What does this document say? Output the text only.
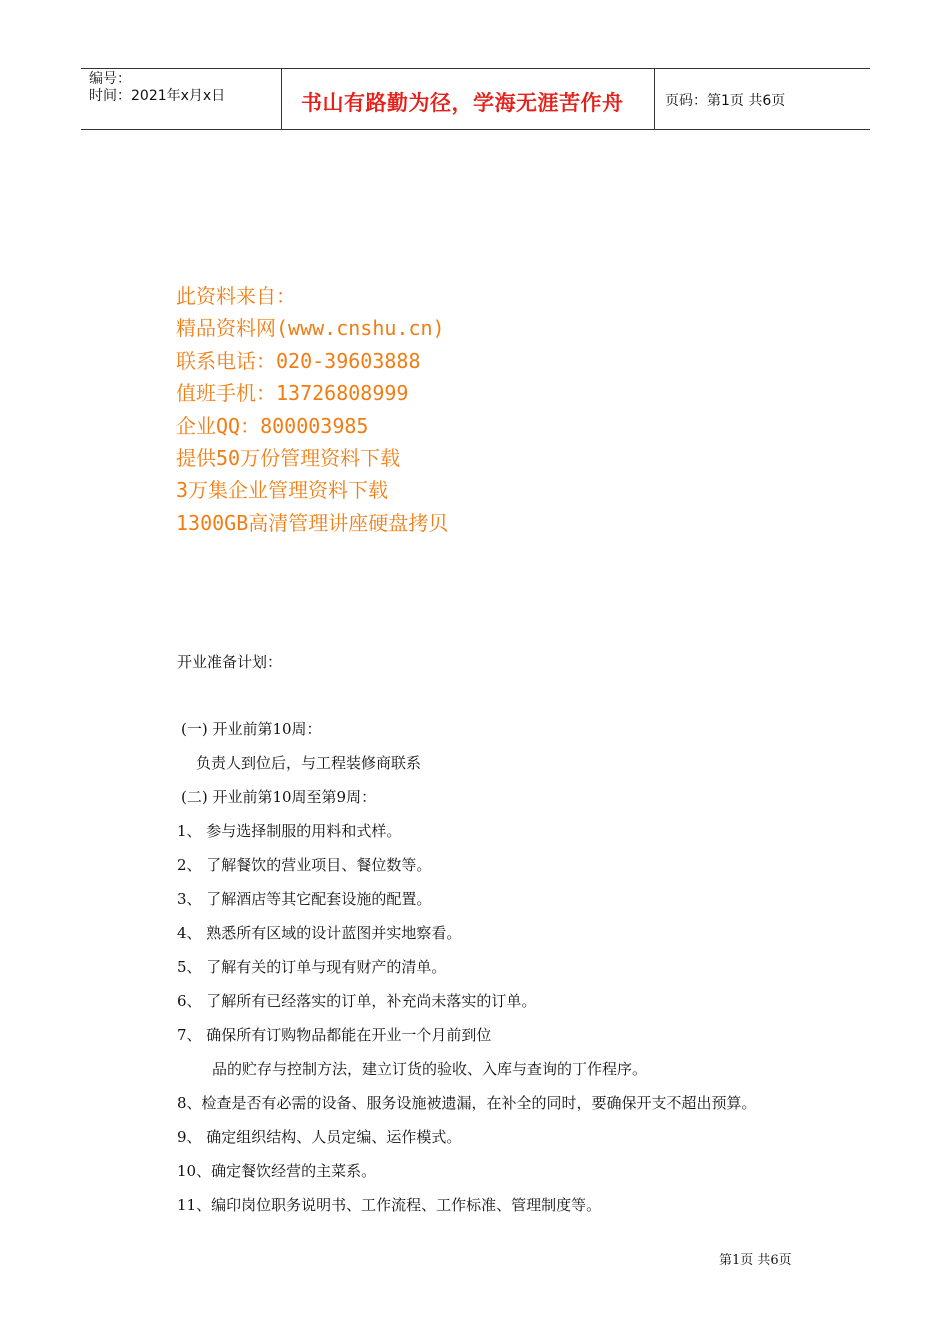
编号：
时间：2021年x月x日	书山有路勤为径，学海无涯苦作舟	页码：第1页 共6页
此资料来自：
精品资料网(www.cnshu.cn)
联系电话：020-39603888
值班手机：13726808999
企业QQ：800003985
提供50万份管理资料下载
3万集企业管理资料下载
1300GB高清管理讲座硬盘拷贝
开业准备计划：
(一) 开业前第10周：
负责人到位后，与工程装修商联系
(二) 开业前第10周至第9周：
1、 参与选择制服的用料和式样。
2、 了解餐饮的营业项目、餐位数等。
3、 了解酒店等其它配套设施的配置。
4、 熟悉所有区域的设计蓝图并实地察看。
5、 了解有关的订单与现有财产的清单。
6、 了解所有已经落实的订单，补充尚未落实的订单。
7、 确保所有订购物品都能在开业一个月前到位
品的贮存与控制方法，建立订货的验收、入库与查询的丁作程序。
8、检查是否有必需的设备、服务设施被遗漏，在补全的同时，要确保开支不超出预算。
9、 确定组织结构、人员定编、运作模式。
10、确定餐饮经营的主菜系。
11、编印岗位职务说明书、工作流程、工作标准、管理制度等。
第1页 共6页
